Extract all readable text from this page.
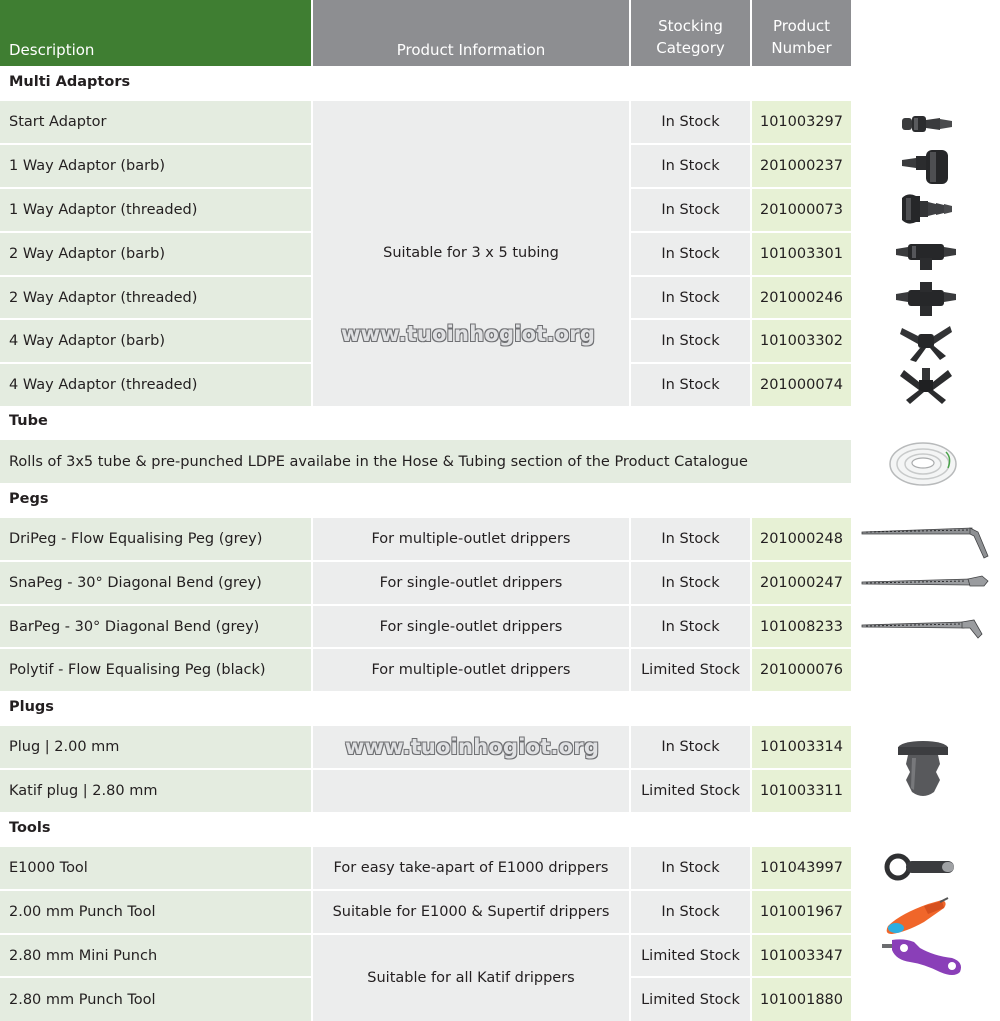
Description	Product Information
Stocking
Category
Product
Number
Multi Adaptors
Start Adaptor
1 Way Adaptor (barb)
1 Way Adaptor (threaded)
2 Way Adaptor (barb)
2 Way Adaptor (threaded)
4 Way Adaptor (barb)
4 Way Adaptor (threaded)
Suitable for 3 x 5 tubing
In Stock
In Stock
In Stock
In Stock
In Stock
In Stock
In Stock
101003297
201000237
201000073
101003301
201000246
101003302
201000074
Tube
Rolls of 3x5 tube & pre-punched LDPE availabe in the Hose & Tubing section of the Product Catalogue
Pegs
DriPeg - Flow Equalising Peg (grey)
SnaPeg - 30° Diagonal Bend (grey)
BarPeg - 30° Diagonal Bend (grey)
Polytif - Flow Equalising Peg (black)
For multiple-outlet drippers
For single-outlet drippers
For single-outlet drippers
For multiple-outlet drippers
In Stock
In Stock
In Stock
Limited Stock
201000248
201000247
101008233
201000076
Plugs
Plug | 2.00 mm
Katif plug | 2.80 mm
In Stock
Limited Stock
101003314
101003311
Tools
E1000 Tool
2.00 mm Punch Tool
2.80 mm Mini Punch
2.80 mm Punch Tool
For easy take-apart of E1000 drippers
Suitable for E1000 & Supertif drippers
Suitable for all Katif drippers
In Stock
In Stock
Limited Stock
Limited Stock
101043997
101001967
101003347
101001880
www.tuoinhogiot.org
www.tuoinhogiot.org
